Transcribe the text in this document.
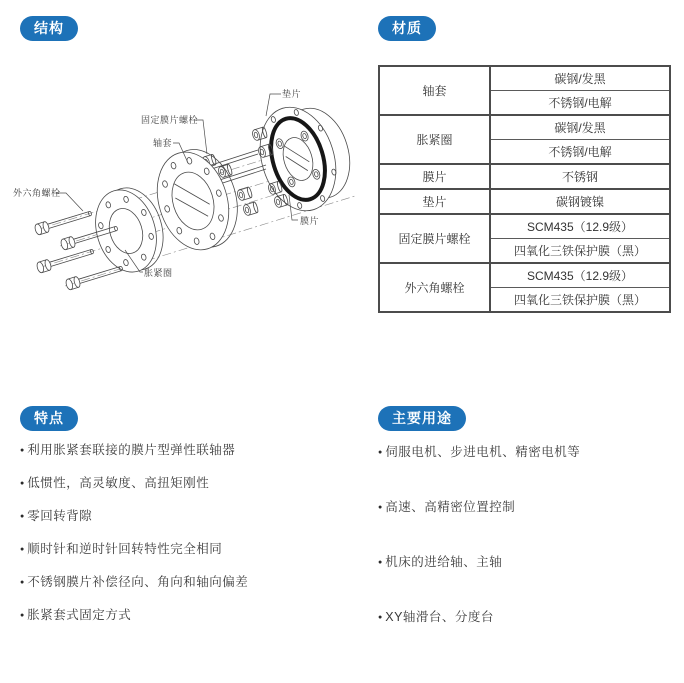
结构	材质
特点	主要用途
垫片
固定膜片螺栓
轴套
外六角螺栓
胀紧圈
膜片
轴套	碳钢/发黑
	不锈钢/电解
胀紧圈	碳钢/发黑
	不锈钢/电解
膜片	不锈钢
垫片	碳钢镀镍
固定膜片螺栓	SCM435（12.9级）
	四氧化三铁保护膜（黑）
外六角螺栓	SCM435（12.9级）
	四氧化三铁保护膜（黑）
● 利用胀紧套联接的膜片型弹性联轴器
● 低惯性，高灵敏度、高扭矩刚性
● 零回转背隙
● 顺时针和逆时针回转特性完全相同
● 不锈钢膜片补偿径向、角向和轴向偏差
● 胀紧套式固定方式
● 伺服电机、步进电机、精密电机等
● 高速、高精密位置控制
● 机床的进给轴、主轴
● XY轴滑台、分度台
